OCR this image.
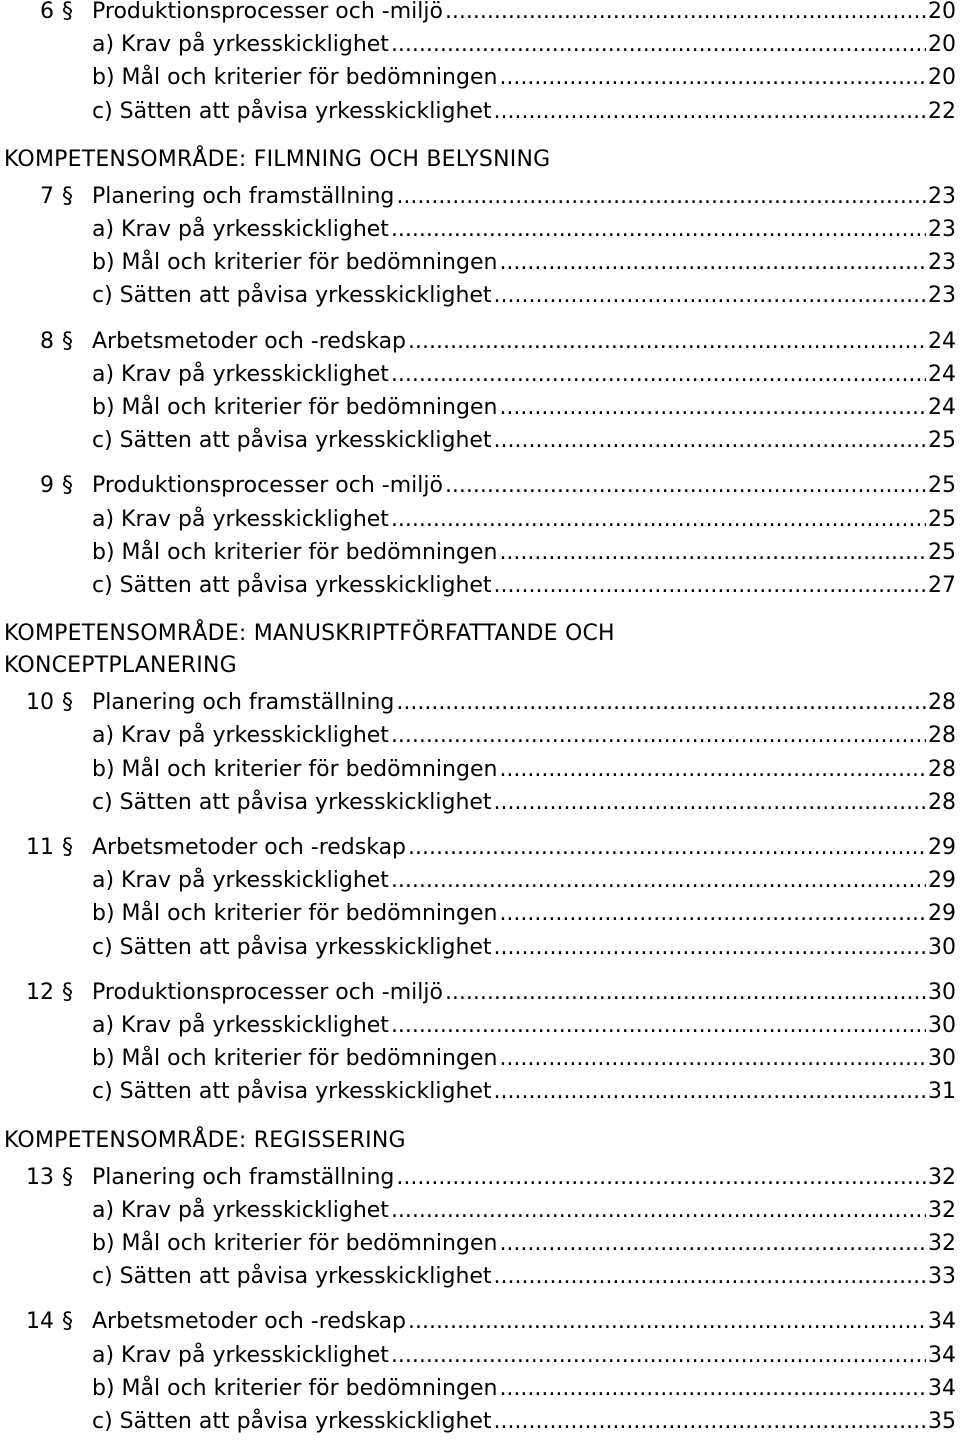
6 § Produktionsprocesser och -miljö .....	20
a) Krav på yrkesskicklighet .....	20
b) Mål och kriterier för bedömningen .....	20
c) Sätten att påvisa yrkesskicklighet .....	22
KOMPETENSOMRÅDE: FILMNING OCH BELYSNING
7 § Planering och framställning .....	23
a) Krav på yrkesskicklighet .....	23
b) Mål och kriterier för bedömningen .....	23
c) Sätten att påvisa yrkesskicklighet .....	23
8 § Arbetsmetoder och -redskap .....	24
a) Krav på yrkesskicklighet .....	24
b) Mål och kriterier för bedömningen .....	24
c) Sätten att påvisa yrkesskicklighet .....	25
9 § Produktionsprocesser och -miljö .....	25
a) Krav på yrkesskicklighet .....	25
b) Mål och kriterier för bedömningen .....	25
c) Sätten att påvisa yrkesskicklighet .....	27
KOMPETENSOMRÅDE: MANUSKRIPTFÖRFATTANDE OCH
KONCEPTPLANERING
10 § Planering och framställning .....	28
a) Krav på yrkesskicklighet .....	28
b) Mål och kriterier för bedömningen .....	28
c) Sätten att påvisa yrkesskicklighet .....	28
11 § Arbetsmetoder och -redskap .....	29
a) Krav på yrkesskicklighet .....	29
b) Mål och kriterier för bedömningen .....	29
c) Sätten att påvisa yrkesskicklighet .....	30
12 § Produktionsprocesser och -miljö .....	30
a) Krav på yrkesskicklighet .....	30
b) Mål och kriterier för bedömningen .....	30
c) Sätten att påvisa yrkesskicklighet .....	31
KOMPETENSOMRÅDE: REGISSERING
13 § Planering och framställning .....	32
a) Krav på yrkesskicklighet .....	32
b) Mål och kriterier för bedömningen .....	32
c) Sätten att påvisa yrkesskicklighet .....	33
14 § Arbetsmetoder och -redskap .....	34
a) Krav på yrkesskicklighet .....	34
b) Mål och kriterier för bedömningen .....	34
c) Sätten att påvisa yrkesskicklighet .....	35
